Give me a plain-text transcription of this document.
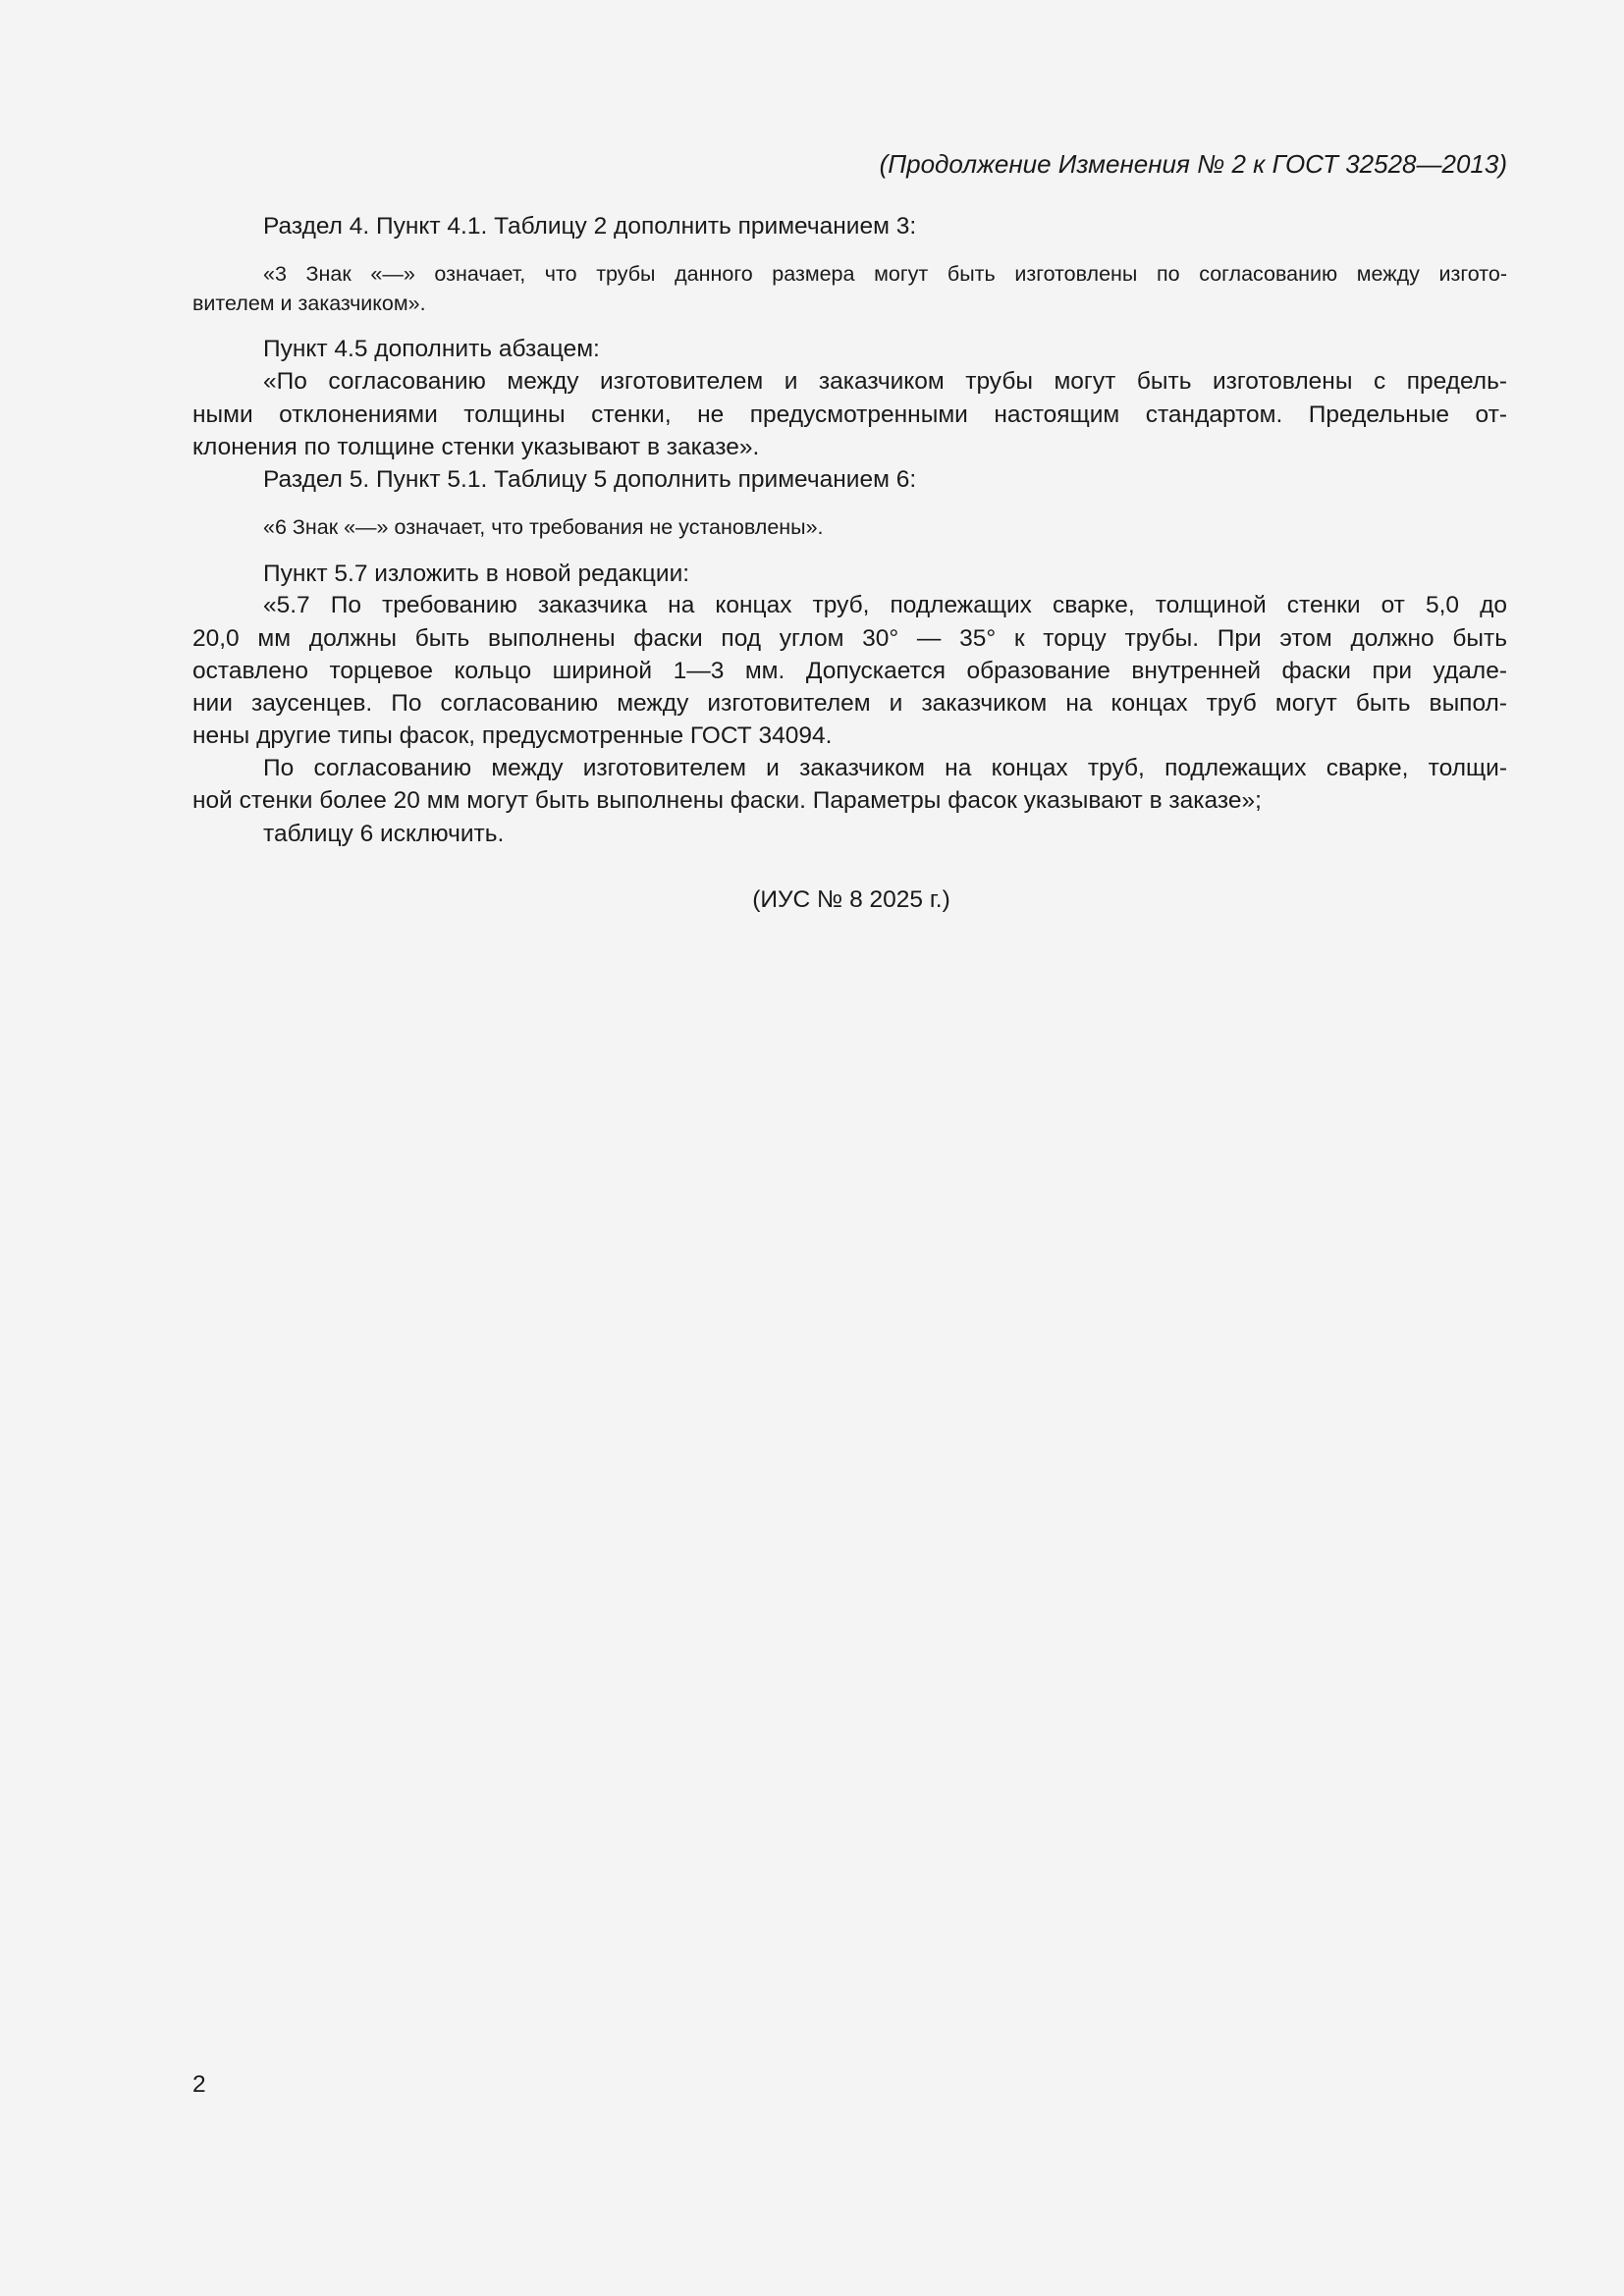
(Продолжение Изменения № 2 к ГОСТ 32528—2013)
Раздел 4. Пункт 4.1. Таблицу 2 дополнить примечанием 3:
«3 Знак «—» означает, что трубы данного размера могут быть изготовлены по согласованию между изгото-
вителем и заказчиком».
Пункт 4.5 дополнить абзацем:
«По согласованию между изготовителем и заказчиком трубы могут быть изготовлены с предель-
ными отклонениями толщины стенки, не предусмотренными настоящим стандартом. Предельные от-
клонения по толщине стенки указывают в заказе».
Раздел 5. Пункт 5.1. Таблицу 5 дополнить примечанием 6:
«6 Знак «—» означает, что требования не установлены».
Пункт 5.7 изложить в новой редакции:
«5.7 По требованию заказчика на концах труб, подлежащих сварке, толщиной стенки от 5,0 до
20,0 мм должны быть выполнены фаски под углом 30° — 35° к торцу трубы. При этом должно быть
оставлено торцевое кольцо шириной 1—3 мм. Допускается образование внутренней фаски при удале-
нии заусенцев. По согласованию между изготовителем и заказчиком на концах труб могут быть выпол-
нены другие типы фасок, предусмотренные ГОСТ 34094.
По согласованию между изготовителем и заказчиком на концах труб, подлежащих сварке, толщи-
ной стенки более 20 мм могут быть выполнены фаски. Параметры фасок указывают в заказе»;
таблицу 6 исключить.
(ИУС № 8 2025 г.)
2
